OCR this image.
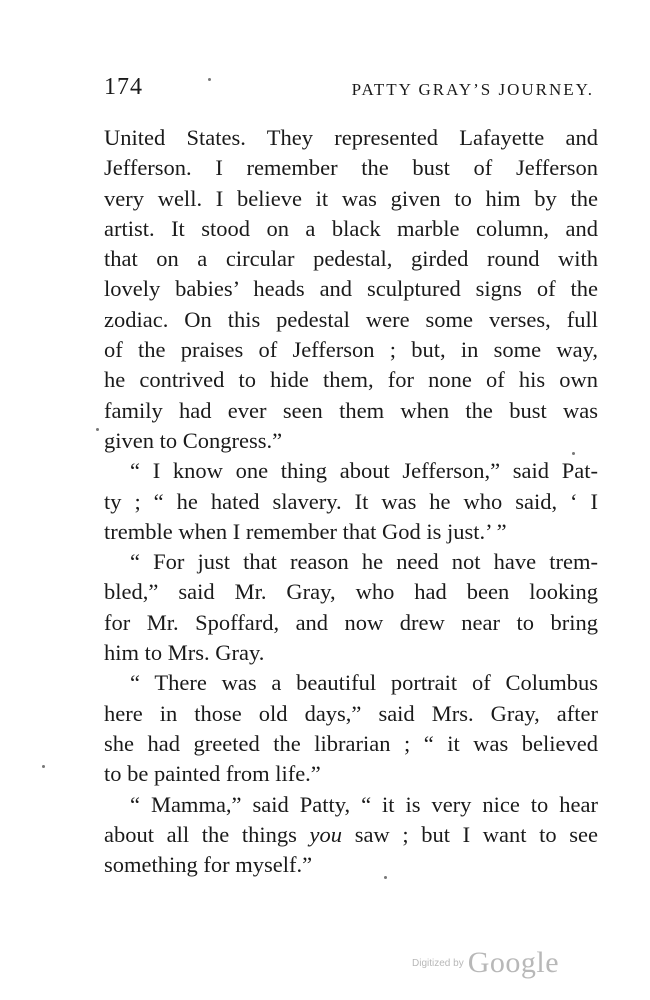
174	PATTY GRAY’S JOURNEY.
United States. They represented Lafayette and
Jefferson. I remember the bust of Jefferson
very well. I believe it was given to him by the
artist. It stood on a black marble column, and
that on a circular pedestal, girded round with
lovely babies’ heads and sculptured signs of the
zodiac. On this pedestal were some verses, full
of the praises of Jefferson ; but, in some way,
he contrived to hide them, for none of his own
family had ever seen them when the bust was
given to Congress.”
“ I know one thing about Jefferson,” said Pat-
ty ; “ he hated slavery. It was he who said, ‘ I
tremble when I remember that God is just.’ ”
“ For just that reason he need not have trem-
bled,” said Mr. Gray, who had been looking
for Mr. Spoffard, and now drew near to bring
him to Mrs. Gray.
“ There was a beautiful portrait of Columbus
here in those old days,” said Mrs. Gray, after
she had greeted the librarian ; “ it was believed
to be painted from life.”
“ Mamma,” said Patty, “ it is very nice to hear
about all the things you saw ; but I want to see
something for myself.”
$^{Digitized by}$ Google
